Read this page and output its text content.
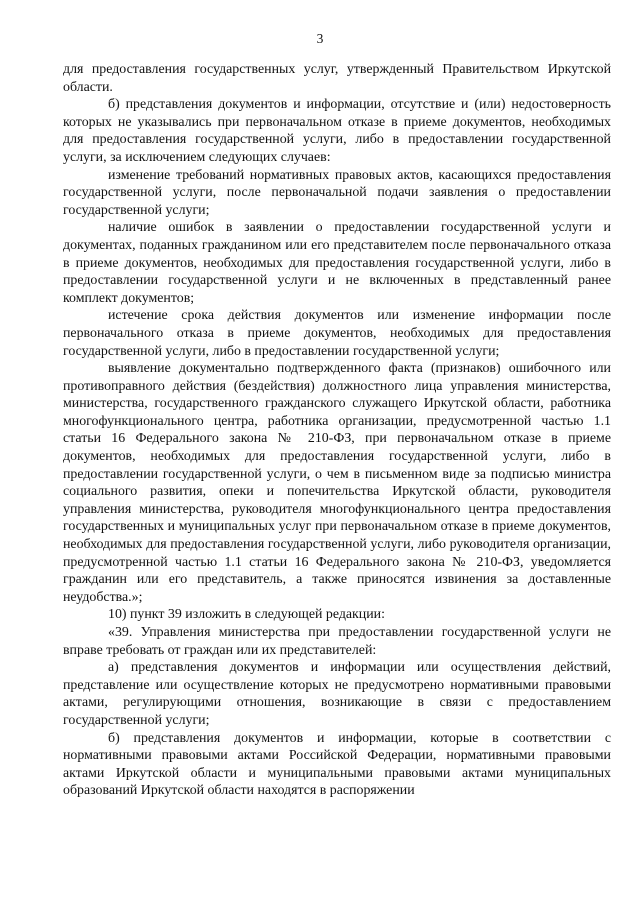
3

для предоставления государственных услуг, утвержденный Правительством Иркутской области.

б) представления документов и информации, отсутствие и (или) недостоверность которых не указывались при первоначальном отказе в приеме документов, необходимых для предоставления государственной услуги, либо в предоставлении государственной услуги, за исключением следующих случаев:

изменение требований нормативных правовых актов, касающихся предоставления государственной услуги, после первоначальной подачи заявления о предоставлении государственной услуги;

наличие ошибок в заявлении о предоставлении государственной услуги и документах, поданных гражданином или его представителем после первоначального отказа в приеме документов, необходимых для предоставления государственной услуги, либо в предоставлении государственной услуги и не включенных в представленный ранее комплект документов;

истечение срока действия документов или изменение информации после первоначального отказа в приеме документов, необходимых для предоставления государственной услуги, либо в предоставлении государственной услуги;

выявление документально подтвержденного факта (признаков) ошибочного или противоправного действия (бездействия) должностного лица управления министерства, министерства, государственного гражданского служащего Иркутской области, работника многофункционального центра, работника организации, предусмотренной частью 1.1 статьи 16 Федерального закона № 210-ФЗ, при первоначальном отказе в приеме документов, необходимых для предоставления государственной услуги, либо в предоставлении государственной услуги, о чем в письменном виде за подписью министра социального развития, опеки и попечительства Иркутской области, руководителя управления министерства, руководителя многофункционального центра предоставления государственных и муниципальных услуг при первоначальном отказе в приеме документов, необходимых для предоставления государственной услуги, либо руководителя организации, предусмотренной частью 1.1 статьи 16 Федерального закона № 210-ФЗ, уведомляется гражданин или его представитель, а также приносятся извинения за доставленные неудобства.»;

10) пункт 39 изложить в следующей редакции:

«39. Управления министерства при предоставлении государственной услуги не вправе требовать от граждан или их представителей:

а) представления документов и информации или осуществления действий, представление или осуществление которых не предусмотрено нормативными правовыми актами, регулирующими отношения, возникающие в связи с предоставлением государственной услуги;

б) представления документов и информации, которые в соответствии с нормативными правовыми актами Российской Федерации, нормативными правовыми актами Иркутской области и муниципальными правовыми актами муниципальных образований Иркутской области находятся в распоряжении
